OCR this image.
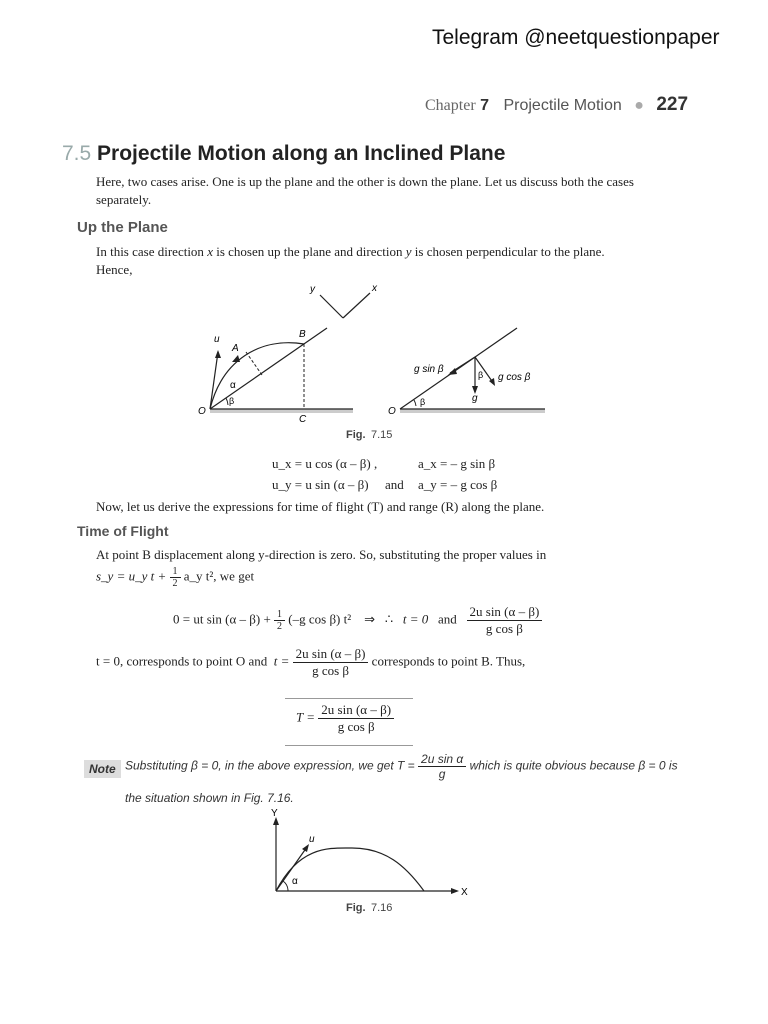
Telegram @neetquestionpaper
Chapter 7 Projectile Motion ● 227
7.5 Projectile Motion along an Inclined Plane
Here, two cases arise. One is up the plane and the other is down the plane. Let us discuss both the cases separately.
Up the Plane
In this case direction x is chosen up the plane and direction y is chosen perpendicular to the plane.
Hence,
y	x
u
A
B
O
C
α
β
g sin β
g cos β
g
β
β
O
Fig. 7.15
Y
X
u
α
Fig. 7.16
u_x = u cos (α – β) ,	a_x = – g sin β
u_y = u sin (α – β) and a_y = – g cos β
Now, let us derive the expressions for time of flight (T) and range (R) along the plane.
Time of Flight
At point B displacement along y-direction is zero. So, substituting the proper values in
s_y = u_y $t + \frac{1}{2}$ a_y t², we get
0 = ut $\sin (\alpha - \beta) + \frac{1}{2} (-g$ cos β) t² ⇒ ∴ t = 0 and $\frac{\text{2u sin (α – β)}}{\text{g cos β}}$
t = 0, corresponds to point O and $t = \frac{\text{2u sin (α – β)}}{\text{g cos β}}$ corresponds to point B. Thus,
$T = \frac{\text{2u sin (α – β)}}{\text{g cos β}}$
Note Substituting β = 0, in the above expression, we get $T = \frac{\text{2u sin α}}{g}$ which is quite obvious because β = 0 is
the situation shown in Fig. 7.16.
